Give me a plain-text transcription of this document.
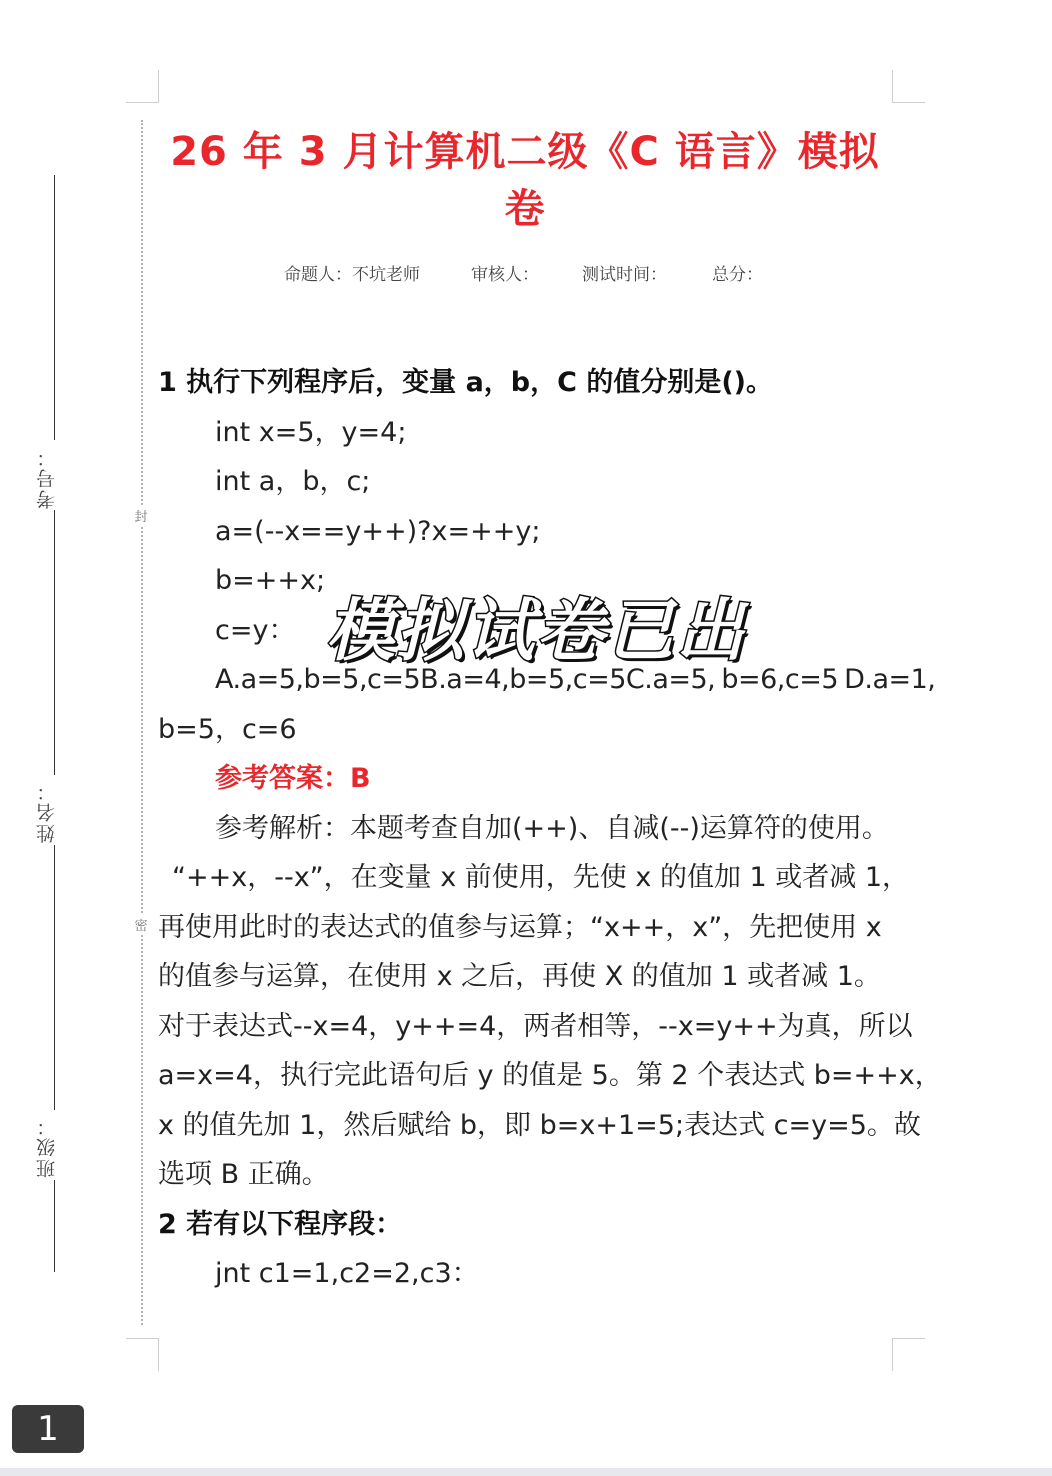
封
密
考号：
姓名：
班级：
26 年 3 月计算机二级《C 语言》模拟卷
命题人：不坑老师	审核人：	测试时间：	总分：
1 执行下列程序后，变量 a，b，C 的值分别是()。
int x=5，y=4;
int a，b，c;
a=(--x==y++)?x=++y;
b=++x;
c=y：
A.a=5,b=5,c=5B.a=4,b=5,c=5C.a=5, b=6,c=5 D.a=1,
b=5，c=6
参考答案：B
参考解析：本题考查自加(++)、自减(--)运算符的使用。
“++x，--x”，在变量 x 前使用，先使 x 的值加 1 或者减 1，
再使用此时的表达式的值参与运算；“x++，x”，先把使用 x
的值参与运算，在使用 x 之后，再使 X 的值加 1 或者减 1。
对于表达式--x=4，y++=4，两者相等，--x=y++为真，所以
a=x=4，执行完此语句后 y 的值是 5。第 2 个表达式 b=++x，
x 的值先加 1，然后赋给 b，即 b=x+1=5;表达式 c=y=5。故
选项 B 正确。
2 若有以下程序段：
jnt c1=1,c2=2,c3：
模拟试卷已出
1
